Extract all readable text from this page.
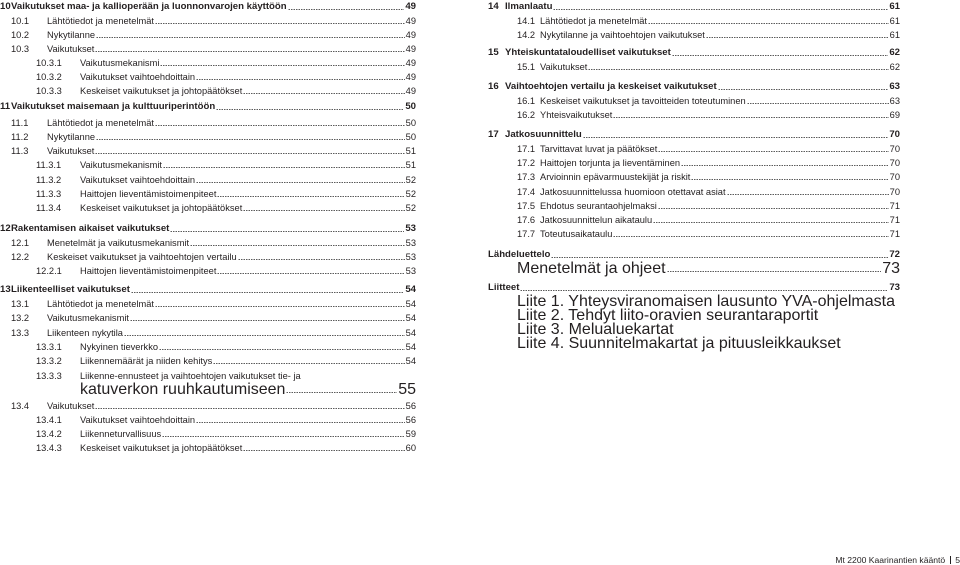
10 Vaikutukset maa- ja kallioperään ja luonnonvarojen käyttöön	49
10.1	Lähtötiedot ja menetelmät	49
10.2	Nykytilanne	49
10.3	Vaikutukset	49
10.3.1	Vaikutusmekanismi	49
10.3.2	Vaikutukset vaihtoehdoittain	49
10.3.3	Keskeiset vaikutukset ja johtopäätökset	49
11 Vaikutukset maisemaan ja kulttuuriperintöön	50
11.1	Lähtötiedot ja menetelmät	50
11.2	Nykytilanne	50
11.3	Vaikutukset	51
11.3.1	Vaikutusmekanismit	51
11.3.2	Vaikutukset vaihtoehdoittain	52
11.3.3	Haittojen lieventämistoimenpiteet	52
11.3.4	Keskeiset vaikutukset ja johtopäätökset	52
12 Rakentamisen aikaiset vaikutukset	53
12.1	Menetelmät ja vaikutusmekanismit	53
12.2	Keskeiset vaikutukset ja vaihtoehtojen vertailu	53
12.2.1	Haittojen lieventämistoimenpiteet	53
13 Liikenteelliset vaikutukset	54
13.1	Lähtötiedot ja menetelmät	54
13.2	Vaikutusmekanismit	54
13.3	Liikenteen nykytila	54
13.3.1	Nykyinen tieverkko	54
13.3.2	Liikennemäärät ja niiden kehitys	54
13.3.3	Liikenne-ennusteet ja vaihtoehtojen vaikutukset tie- ja
katuverkon ruuhkautumiseen	55
13.4	Vaikutukset	56
13.4.1	Vaikutukset vaihtoehdoittain	56
13.4.2	Liikenneturvallisuus	59
13.4.3	Keskeiset vaikutukset ja johtopäätökset	60
14 Ilmanlaatu	61
14.1 Lähtötiedot ja menetelmät	61
14.2 Nykytilanne ja vaihtoehtojen vaikutukset	61
15 Yhteiskuntataloudelliset vaikutukset	62
15.1 Vaikutukset	62
16 Vaihtoehtojen vertailu ja keskeiset vaikutukset	63
16.1 Keskeiset vaikutukset ja tavoitteiden toteutuminen	63
16.2 Yhteisvaikutukset	69
17 Jatkosuunnittelu	70
17.1 Tarvittavat luvat ja päätökset	70
17.2 Haittojen torjunta ja lieventäminen	70
17.3 Arvioinnin epävarmuustekijät ja riskit	70
17.4 Jatkosuunnittelussa huomioon otettavat asiat	70
17.5 Ehdotus seurantaohjelmaksi	71
17.6 Jatkosuunnittelun aikataulu	71
17.7 Toteutusaikataulu	71
Lähdeluettelo	72
Menetelmät ja ohjeet	73
Liitteet	73
Liite 1. Yhteysviranomaisen lausunto YVA-ohjelmasta
Liite 2. Tehdyt liito-oravien seurantaraportit
Liite 3. Melualuekartat
Liite 4. Suunnitelmakartat ja pituusleikkaukset
Mt 2200 Kaarinantien kääntö 5
